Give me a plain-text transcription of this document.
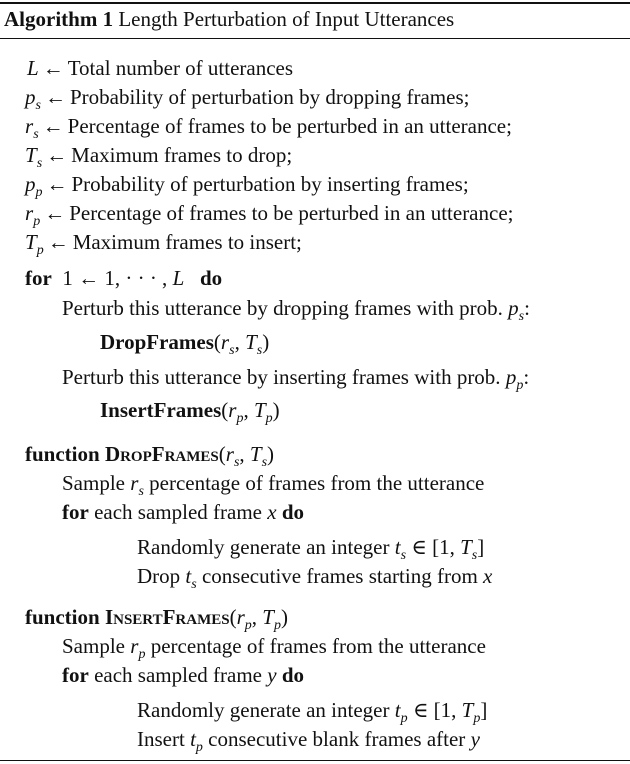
Algorithm 1 Length Perturbation of Input Utterances
L ← Total number of utterances
$p_s$ ← Probability of perturbation by dropping frames;
$r_s$ ← Percentage of frames to be perturbed in an utterance;
$T_s$ ← Maximum frames to drop;
$p_p$ ← Probability of perturbation by inserting frames;
$r_p$ ← Percentage of frames to be perturbed in an utterance;
$T_p$ ← Maximum frames to insert;
for  1 ← 1, · · · , L do
Perturb this utterance by dropping frames with prob. $p_s$:
$DropFrames(r_s$, $T_s$)
Perturb this utterance by inserting frames with prob. $p_p$:
$InsertFrames(r_p$, $T_p$)
function $DropFrames(r_s$, $T_s$)
Sample $r_s$ percentage of frames from the utterance
for each sampled frame x do
Randomly generate an integer $t_s$ ∈ [1, $T_s$]
Drop $t_s$ consecutive frames starting from x
function $InsertFrames(r_p$, $T_p$)
Sample $r_p$ percentage of frames from the utterance
for each sampled frame y do
Randomly generate an integer $t_p$ ∈ [1, $T_p$]
Insert $t_p$ consecutive blank frames after y
